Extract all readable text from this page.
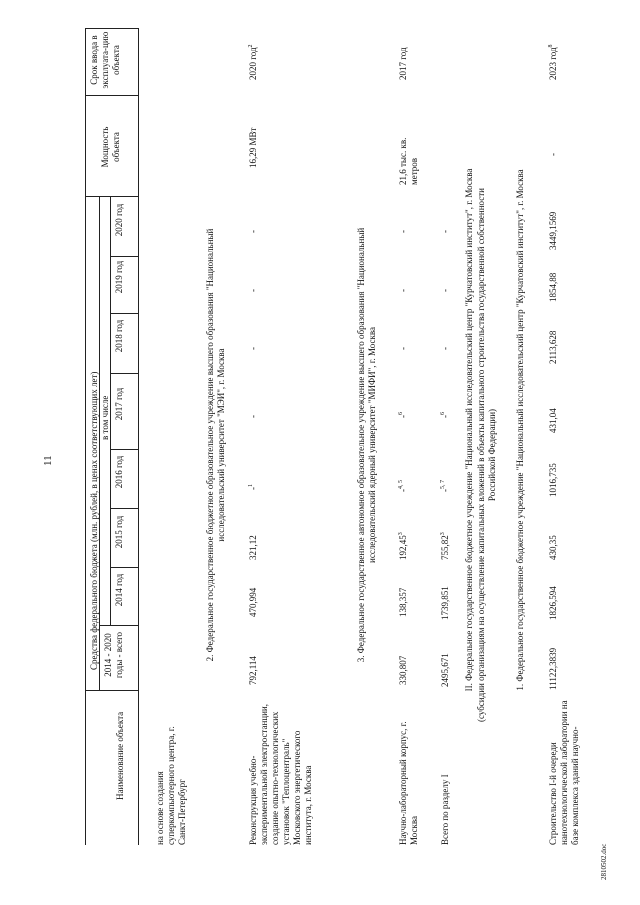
11
Наименование объекта
Средства федерального бюджета (млн. рублей, в ценах соответствующих лет) 2014 - 2020 годы - всего
в том числе
2014 год
2015 год
2016 год
2017 год
2018 год
2019 год
2020 год
Мощность объекта
Срок ввода в эксплуата-цию объекта
на основе создания суперкомпьютерного центра, г. Санкт-Петербург
2. Федеральное государственное бюджетное образовательное учреждение высшего образования "Национальный исследовательский университет "МЭИ", г. Москва
Реконструкция учебно-экспериментальной электростанции, создание опытно-технологических установок "Теплоцентраль" Московского энергетического института, г. Москва
792,114
470,994
321,12
-$^1$
-
-
-
-
16,29 МВт
2020 год$^2$
3. Федеральное государственное автономное образовательное учреждение высшего образования "Национальный исследовательский ядерный университет "МИФИ", г. Москва
Научно-лабораторный корпус, г. Москва
330,807
138,357
192,45$^3$
-$^{4, 5}$
-$^6$
-
-
-
21,6 тыс. кв. метров
2017 год
Всего по разделу I
2495,671
1739,851
755,82$^3$
-$^{5, 7}$
-$^6$
-
-
- II. Федеральное государственное бюджетное учреждение "Национальный исследовательский центр "Курчатовский институт", г. Москва (субсидии организациям на осуществление капитальных вложений в объекты капитального строительства государственной собственности Российской Федерации) 1. Федеральное государственное бюджетное учреждение "Национальный исследовательский центр "Курчатовский институт", г. Москва
Строительство I-й очереди нанотехнологической лаборатории на базе комплекса зданий научно-
11122,3839
1826,594
430,35
1016,735
431,04
2113,628
1854,88
3449,1569
-
2023 год$^8$
2810502.doc
